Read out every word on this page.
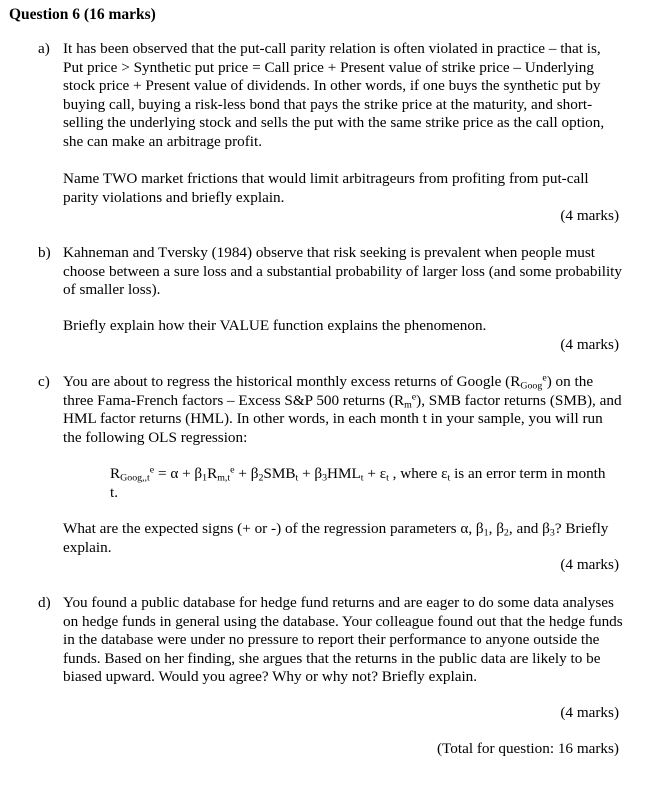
Question 6 (16 marks)
a) It has been observed that the put-call parity relation is often violated in practice – that is, Put price > Synthetic put price = Call price + Present value of strike price – Underlying stock price + Present value of dividends. In other words, if one buys the synthetic put by buying call, buying a risk-less bond that pays the strike price at the maturity, and short-selling the underlying stock and sells the put with the same strike price as the call option, she can make an arbitrage profit.
Name TWO market frictions that would limit arbitrageurs from profiting from put-call parity violations and briefly explain.
(4 marks)
b) Kahneman and Tversky (1984) observe that risk seeking is prevalent when people must choose between a sure loss and a substantial probability of larger loss (and some probability of smaller loss).
Briefly explain how their VALUE function explains the phenomenon.
(4 marks)
c) You are about to regress the historical monthly excess returns of Google $(R_{Goog}^e)$ on the three Fama-French factors – Excess S&P 500 returns $(R_m^e)$, SMB factor returns (SMB), and HML factor returns (HML). In other words, in each month t in your sample, you will run the following OLS regression:
$R_{Goog,,t}^e = \alpha + \beta_1R_{m,t}^e + \beta_2SMB_t + \beta_3HML_t + \varepsilon_t$ , where $\varepsilon_t$ is an error term in month t.
What are the expected signs (+ or -) of the regression parameters α, $\beta_1$, $\beta_2$, and $\beta_3$? Briefly explain.
(4 marks)
d) You found a public database for hedge fund returns and are eager to do some data analyses on hedge funds in general using the database. Your colleague found out that the hedge funds in the database were under no pressure to report their performance to anyone outside the funds. Based on her finding, she argues that the returns in the public data are likely to be biased upward. Would you agree? Why or why not? Briefly explain.
(4 marks)
(Total for question: 16 marks)
